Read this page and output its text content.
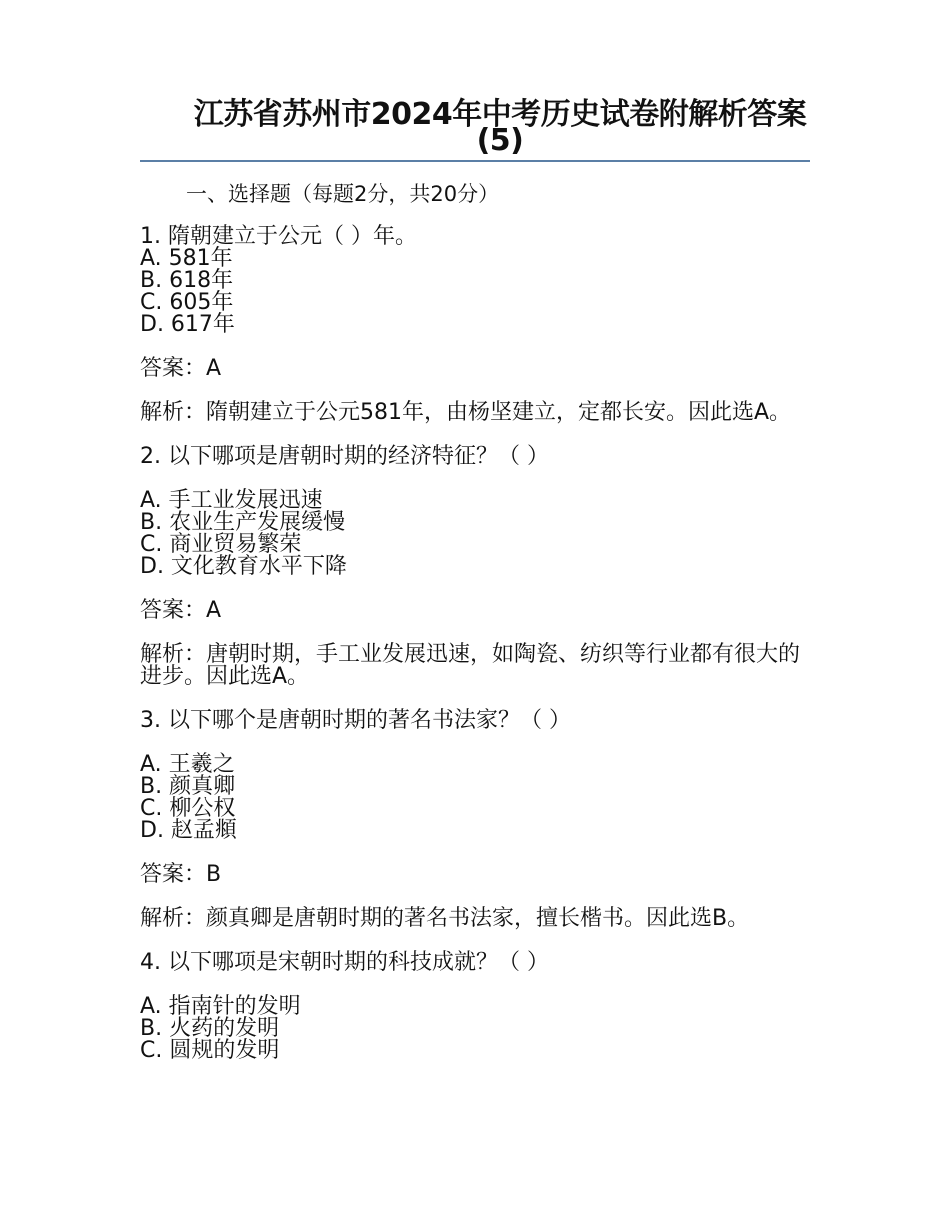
江苏省苏州市2024年中考历史试卷附解析答案(5)
一、选择题（每题2分，共20分）

1. 隋朝建立于公元（ ）年。

A. 581年

B. 618年

C. 605年

D. 617年

答案：A

解析：隋朝建立于公元581年，由杨坚建立，定都长安。因此选A。

2. 以下哪项是唐朝时期的经济特征？（ ）

A. 手工业发展迅速

B. 农业生产发展缓慢

C. 商业贸易繁荣

D. 文化教育水平下降

答案：A

解析：唐朝时期，手工业发展迅速，如陶瓷、纺织等行业都有很大的进步。因此选A。

3. 以下哪个是唐朝时期的著名书法家？（ ）

A. 王羲之

B. 颜真卿

C. 柳公权

D. 赵孟頫

答案：B

解析：颜真卿是唐朝时期的著名书法家，擅长楷书。因此选B。

4. 以下哪项是宋朝时期的科技成就？（ ）

A. 指南针的发明

B. 火药的发明

C. 圆规的发明
